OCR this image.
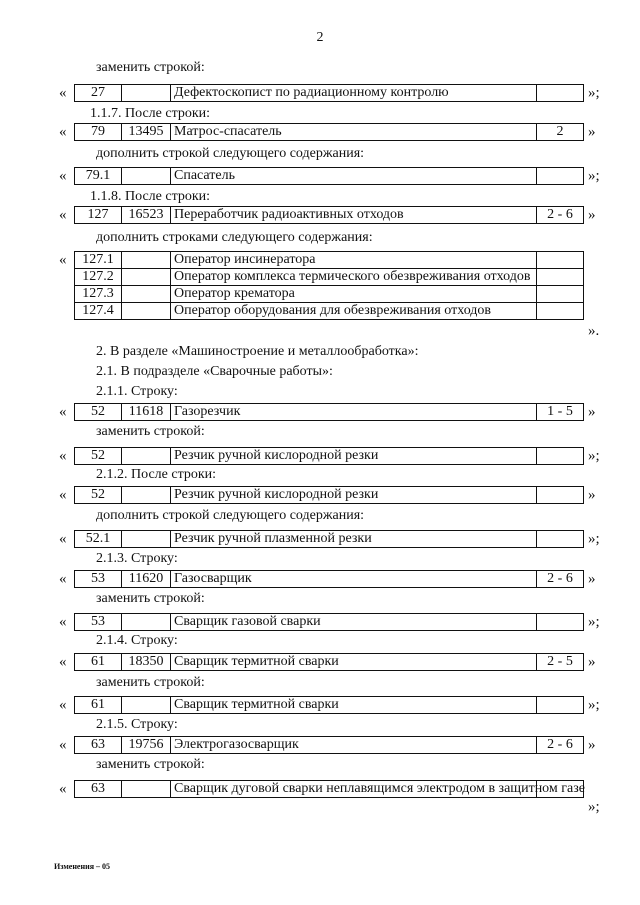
2
заменить строкой:
1.1.7. После строки:
дополнить строкой следующего содержания:
1.1.8. После строки:
дополнить строками следующего содержания:
2. В разделе «Машиностроение и металлообработка»:
2.1. В подразделе «Сварочные работы»:
2.1.1. Строку:
заменить строкой:
2.1.2. После строки:
дополнить строкой следующего содержания:
2.1.3. Строку:
заменить строкой:
2.1.4. Строку:
заменить строкой:
2.1.5. Строку:
заменить строкой:
« 27		Дефектоскопист по радиационному контролю		»;
« 79	13495	Матрос-спасатель	2 »
« 79.1		Спасатель		»;
« 127	16523	Переработчик радиоактивных отходов	2 - 6 »
« 127.1		Оператор инсинератора	
127.2		Оператор комплекса термического обезвреживания отходов	
127.3		Оператор крематора	
127.4		Оператор оборудования для обезвреживания отходов	
».
« 52	11618	Газорезчик	1 - 5 »
« 52		Резчик ручной кислородной резки		»;
« 52		Резчик ручной кислородной резки		»
« 52.1		Резчик ручной плазменной резки		»;
« 53	11620	Газосварщик	2 - 6 »
« 53		Сварщик газовой сварки		»;
« 61	18350	Сварщик термитной сварки	2 - 5 »
« 61		Сварщик термитной сварки		»;
« 63	19756	Электрогазосварщик	2 - 6 »
« 63		Сварщик дуговой сварки неплавящимся электродом в защитном газе	
»;
Изменения – 05
